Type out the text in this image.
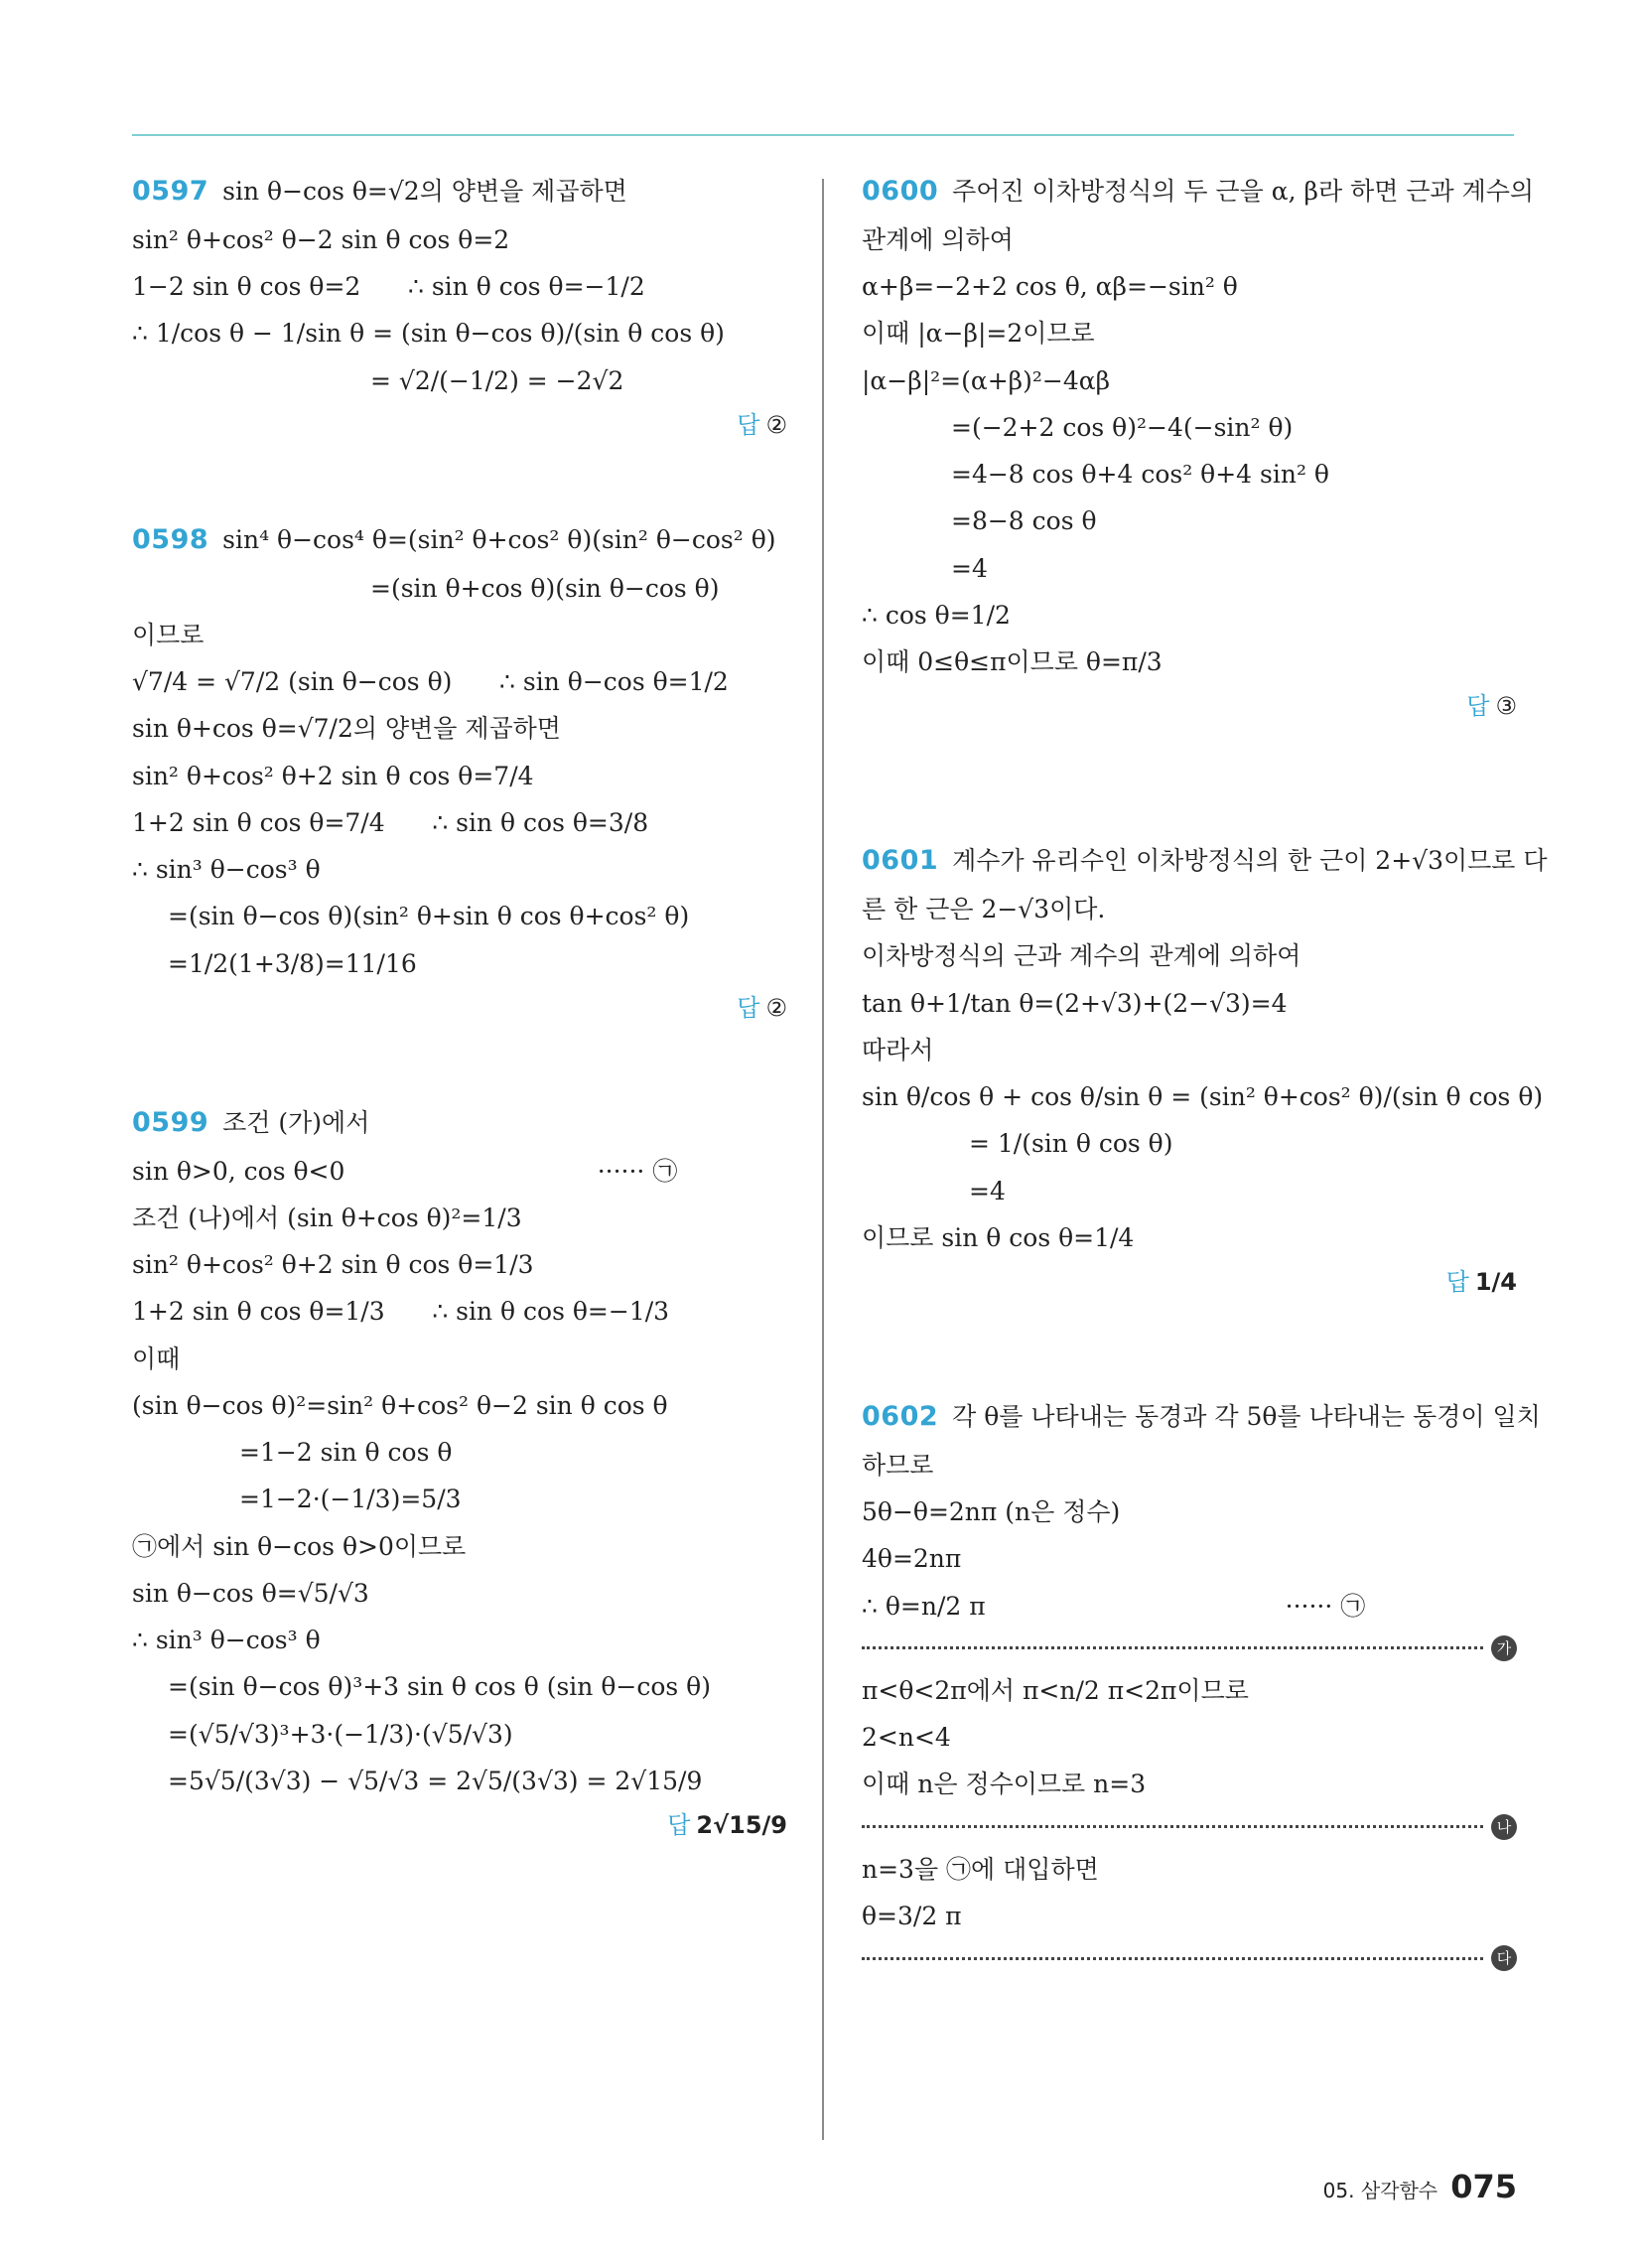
0597 sin θ−cos θ=√2의 양변을 제곱하면

sin² θ+cos² θ−2 sin θ cos θ=2

1−2 sin θ cos θ=2      ∴ sin θ cos θ=−1/2

∴ 1/cos θ − 1/sin θ = (sin θ−cos θ)/(sin θ cos θ)

= √2/(−1/2) = −2√2

답 ②

0598 sin⁴ θ−cos⁴ θ=(sin² θ+cos² θ)(sin² θ−cos² θ)

=(sin θ+cos θ)(sin θ−cos θ)

이므로

√7/4 = √7/2 (sin θ−cos θ)      ∴ sin θ−cos θ=1/2

sin θ+cos θ=√7/2의 양변을 제곱하면

sin² θ+cos² θ+2 sin θ cos θ=7/4

1+2 sin θ cos θ=7/4      ∴ sin θ cos θ=3/8

∴ sin³ θ−cos³ θ

=(sin θ−cos θ)(sin² θ+sin θ cos θ+cos² θ)

=1/2(1+3/8)=11/16

답 ②

0599 조건 (가)에서

sin θ>0, cos θ<0                                ······ ㉠

조건 (나)에서 (sin θ+cos θ)²=1/3

sin² θ+cos² θ+2 sin θ cos θ=1/3

1+2 sin θ cos θ=1/3      ∴ sin θ cos θ=−1/3

이때

(sin θ−cos θ)²=sin² θ+cos² θ−2 sin θ cos θ

=1−2 sin θ cos θ

=1−2·(−1/3)=5/3

㉠에서 sin θ−cos θ>0이므로

sin θ−cos θ=√5/√3

∴ sin³ θ−cos³ θ

=(sin θ−cos θ)³+3 sin θ cos θ (sin θ−cos θ)

=(√5/√3)³+3·(−1/3)·(√5/√3)

=5√5/(3√3) − √5/√3 = 2√5/(3√3) = 2√15/9

답 2√15/9

0600 주어진 이차방정식의 두 근을 α, β라 하면 근과 계수의

관계에 의하여

α+β=−2+2 cos θ, αβ=−sin² θ

이때 |α−β|=2이므로

|α−β|²=(α+β)²−4αβ

=(−2+2 cos θ)²−4(−sin² θ)

=4−8 cos θ+4 cos² θ+4 sin² θ

=8−8 cos θ

=4

∴ cos θ=1/2

이때 0≤θ≤π이므로 θ=π/3

답 ③

0601 계수가 유리수인 이차방정식의 한 근이 2+√3이므로 다

른 한 근은 2−√3이다.

이차방정식의 근과 계수의 관계에 의하여

tan θ+1/tan θ=(2+√3)+(2−√3)=4

따라서

sin θ/cos θ + cos θ/sin θ = (sin² θ+cos² θ)/(sin θ cos θ)

= 1/(sin θ cos θ)

=4

이므로 sin θ cos θ=1/4

답 1/4

0602 각 θ를 나타내는 동경과 각 5θ를 나타내는 동경이 일치

하므로

5θ−θ=2nπ (n은 정수)

4θ=2nπ

∴ θ=n/2 π                                      ······ ㉠

가

π<θ<2π에서 π<n/2 π<2π이므로

2<n<4

이때 n은 정수이므로 n=3

나

n=3을 ㉠에 대입하면

θ=3/2 π

다
05. 삼각함수 075
